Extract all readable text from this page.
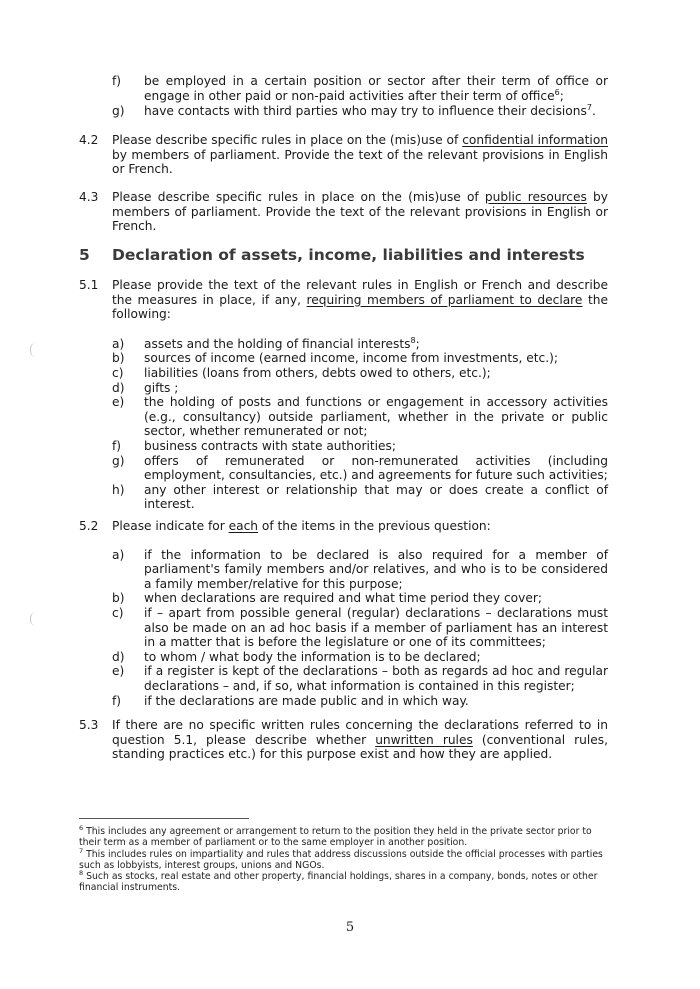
f) be employed in a certain position or sector after their term of office or engage in other paid or non-paid activities after their term of office$^6$;
g) have contacts with third parties who may try to influence their decisions$^7$.
4.2 Please describe specific rules in place on the (mis)use of confidential information by members of parliament. Provide the text of the relevant provisions in English or French.
4.3 Please describe specific rules in place on the (mis)use of public resources by members of parliament. Provide the text of the relevant provisions in English or French.
5 Declaration of assets, income, liabilities and interests
5.1 Please provide the text of the relevant rules in English or French and describe the measures in place, if any, requiring members of parliament to declare the following:
a) assets and the holding of financial interests$^8$;
b) sources of income (earned income, income from investments, etc.);
c) liabilities (loans from others, debts owed to others, etc.);
d) gifts ;
e) the holding of posts and functions or engagement in accessory activities (e.g., consultancy) outside parliament, whether in the private or public sector, whether remunerated or not;
f) business contracts with state authorities;
g) offers of remunerated or non-remunerated activities (including employment, consultancies, etc.) and agreements for future such activities;
h) any other interest or relationship that may or does create a conflict of interest.
5.2 Please indicate for each of the items in the previous question:
a) if the information to be declared is also required for a member of parliament's family members and/or relatives, and who is to be considered a family member/relative for this purpose;
b) when declarations are required and what time period they cover;
c) if – apart from possible general (regular) declarations – declarations must also be made on an ad hoc basis if a member of parliament has an interest in a matter that is before the legislature or one of its committees;
d) to whom / what body the information is to be declared;
e) if a register is kept of the declarations – both as regards ad hoc and regular declarations – and, if so, what information is contained in this register;
f) if the declarations are made public and in which way.
5.3 If there are no specific written rules concerning the declarations referred to in question 5.1, please describe whether unwritten rules (conventional rules, standing practices etc.) for this purpose exist and how they are applied.

$^6$ This includes any agreement or arrangement to return to the position they held in the private sector prior to their term as a member of parliament or to the same employer in another position.

$^7$ This includes rules on impartiality and rules that address discussions outside the official processes with parties such as lobbyists, interest groups, unions and NGOs.

$^8$ Such as stocks, real estate and other property, financial holdings, shares in a company, bonds, notes or other financial instruments.

5
